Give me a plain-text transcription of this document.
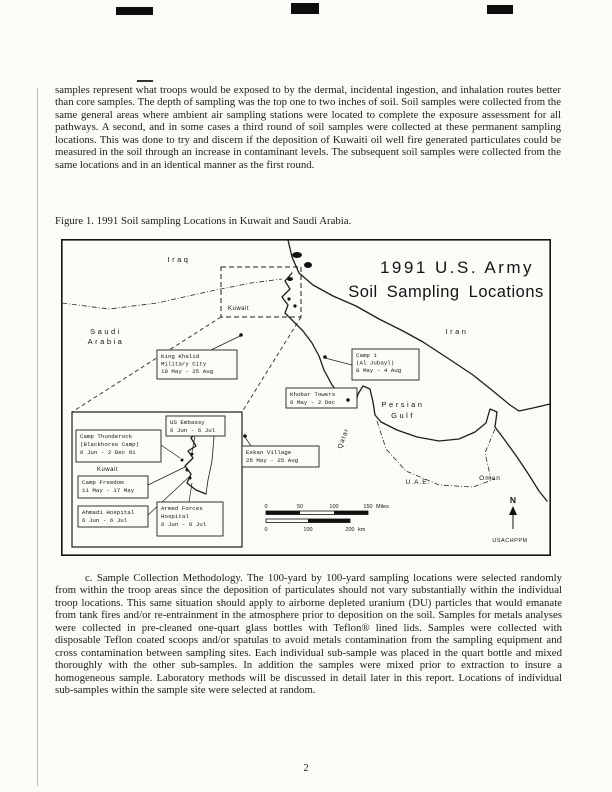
samples represent what troops would be exposed to by the dermal, incidental ingestion, and inhalation routes better than core samples. The depth of sampling was the top one to two inches of soil. Soil samples were collected from the same general areas where ambient air sampling stations were located to complete the exposure assessment for all pathways. A second, and in some cases a third round of soil samples were collected at these permanent sampling locations. This was done to try and discern if the deposition of Kuwaiti oil well fire generated particulates could be measured in the soil through an increase in contaminant levels. The subsequent soil samples were collected from the same locations and in an identical manner as the first round.

Figure 1. 1991 Soil sampling Locations in Kuwait and Saudi Arabia.

King Khalid
Military City
19 May - 25 Aug
Camp 1
(Al Jubayl)
8 May - 4 Aug
Khobar Towers
6 May - 2 Dec
Eskan Village
25 May - 25 Aug
US Embassy
6 Jun - 6 Jul
Camp Thunderock
(Blackhorse Camp)
6 Jun - 2 Dec 91
Camp Freedom
11 May - 17 May
Ahmadi Hospital
6 Jun - 6 Jul
Armed Forces
Hospital
6 Jun - 6 Jul
1991 U.S. Army
Soil Sampling Locations
Iraq
Saudi
Arabia
Iran
Kuwait
Persian
Gulf
Qatar
U.A.E.
Oman
Kuwait
0	50	100	150 Miles
0	100	200 km
N
USACHPPM

c. Sample Collection Methodology. The 100-yard by 100-yard sampling locations were selected randomly from within the troop areas since the deposition of particulates should not vary substantially within the individual troop locations. This same situation should apply to airborne depleted uranium (DU) particles that would emanate from tank fires and/or re-entrainment in the atmosphere prior to deposition on the soil. Samples for metals analyses were collected in pre-cleaned one-quart glass bottles with Teflon® lined lids. Samples were collected with disposable Teflon coated scoops and/or spatulas to avoid metals contamination from the sampling equipment and cross contamination between sampling sites. Each individual sub-sample was placed in the quart bottle and mixed thoroughly with the other sub-samples. In addition the samples were mixed prior to extraction to insure a homogeneous sample. Laboratory methods will be discussed in detail later in this report. Locations of individual sub-samples within the sample site were selected at random.

2
